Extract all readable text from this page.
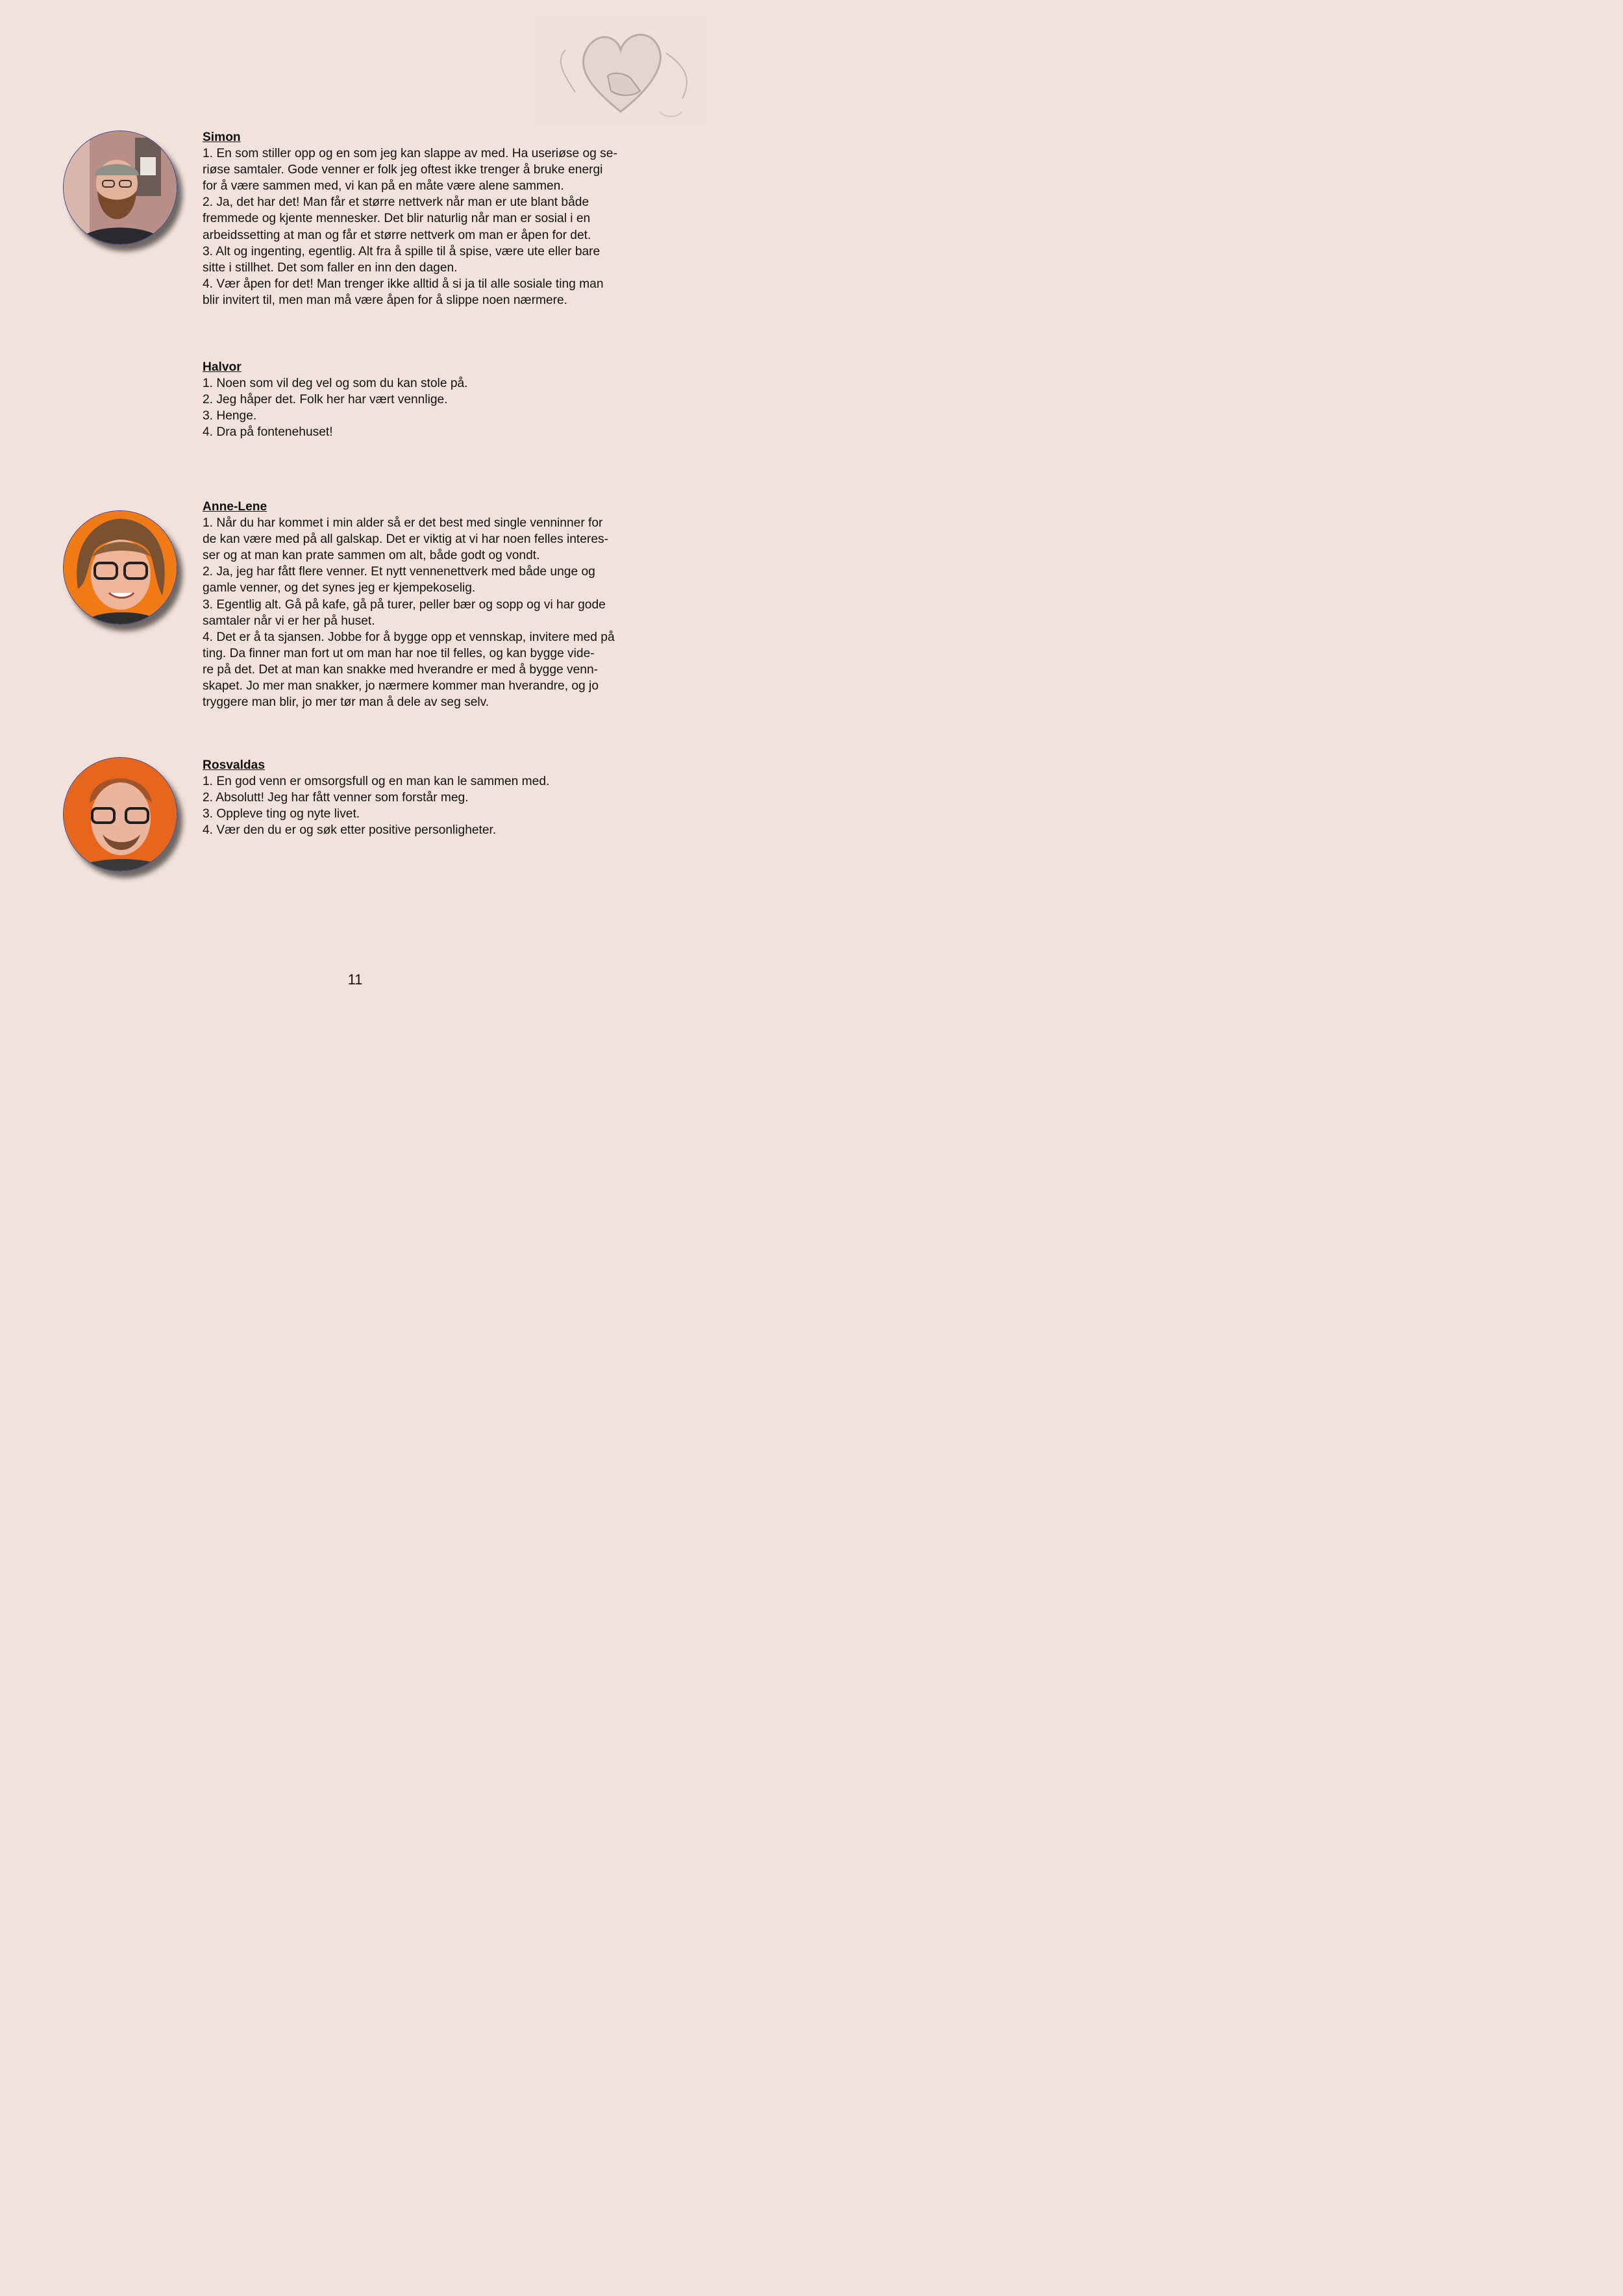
Simon
1. En som stiller opp og en som jeg kan slappe av med. Ha useriøse og se-
riøse samtaler. Gode venner er folk jeg oftest ikke trenger å bruke energi
for å være sammen med, vi kan på en måte være alene sammen.
2. Ja, det har det! Man får et større nettverk når man er ute blant både
fremmede og kjente mennesker. Det blir naturlig når man er sosial i en
arbeidssetting at man og får et større nettverk om man er åpen for det.
3. Alt og ingenting, egentlig. Alt fra å spille til å spise, være ute eller bare
sitte i stillhet. Det som faller en inn den dagen.
4. Vær åpen for det! Man trenger ikke alltid å si ja til alle sosiale ting man
blir invitert til, men man må være åpen for å slippe noen nærmere.
Halvor
1. Noen som vil deg vel og som du kan stole på.
2. Jeg håper det. Folk her har vært vennlige.
3. Henge.
4. Dra på fontenehuset!
Anne-Lene
1. Når du har kommet i min alder så er det best med single venninner for
de kan være med på all galskap. Det er viktig at vi har noen felles interes-
ser og at man kan prate sammen om alt, både godt og vondt.
2. Ja, jeg har fått flere venner. Et nytt vennenettverk med både unge og
gamle venner, og det synes jeg er kjempekoselig.
3. Egentlig alt. Gå på kafe, gå på turer, peller bær og sopp og vi har gode
samtaler når vi er her på huset.
4. Det er å ta sjansen. Jobbe for å bygge opp et vennskap, invitere med på
ting. Da finner man fort ut om man har noe til felles, og kan bygge vide-
re på det. Det at man kan snakke med hverandre er med å bygge venn-
skapet. Jo mer man snakker, jo nærmere kommer man hverandre, og jo
tryggere man blir, jo mer tør man å dele av seg selv.
Rosvaldas
1. En god venn er omsorgsfull og en man kan le sammen med.
2. Absolutt! Jeg har fått venner som forstår meg.
3. Oppleve ting og nyte livet.
4. Vær den du er og søk etter positive personligheter.
11
